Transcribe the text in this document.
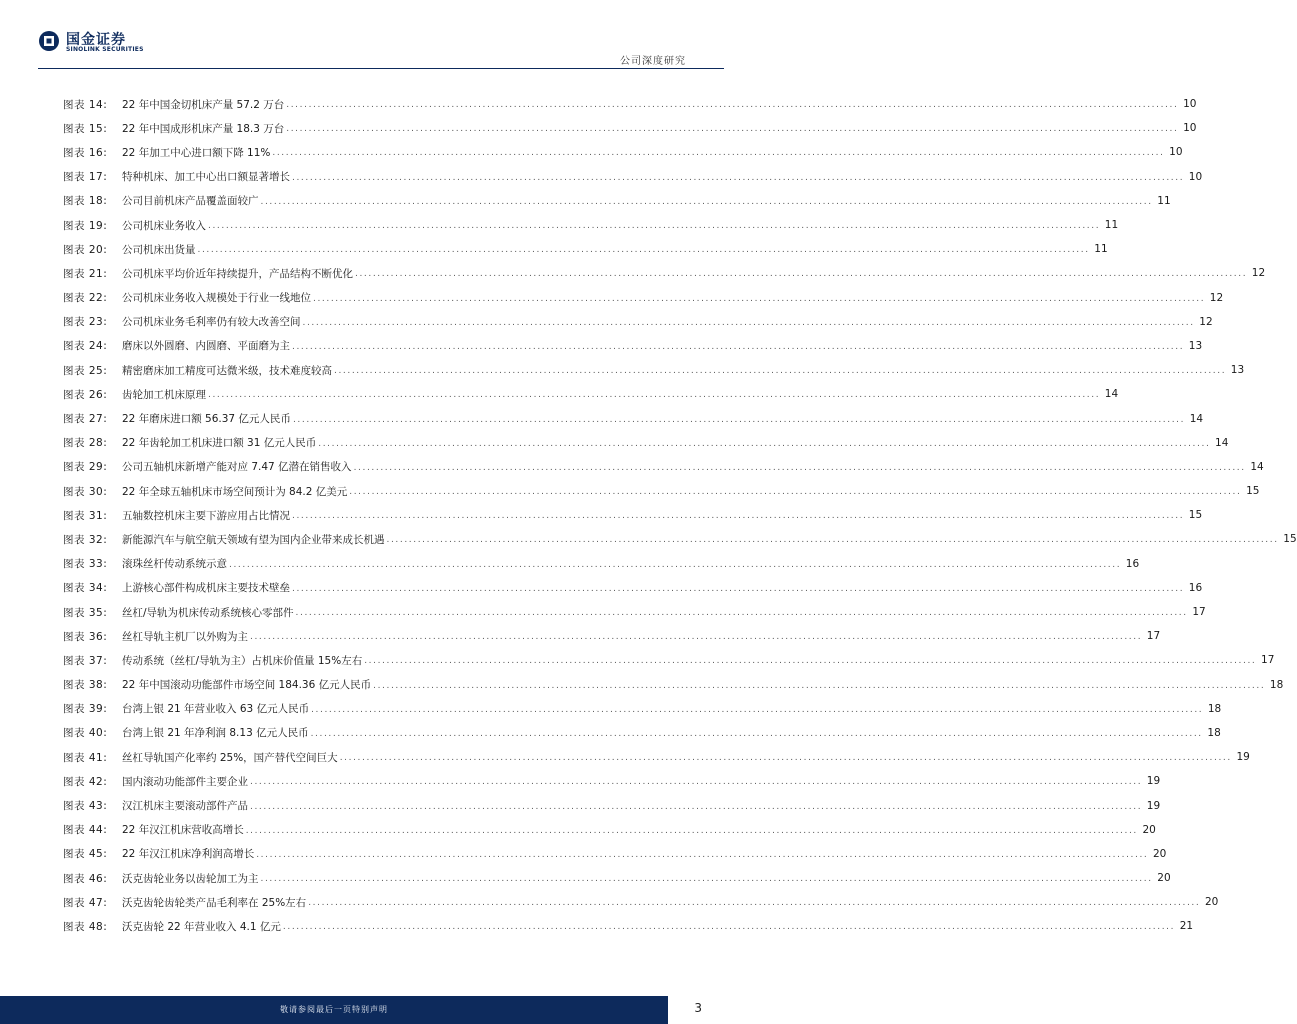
国金证券
SINOLINK SECURITIES
公司深度研究
图表 14:	22 年中国金切机床产量 57.2 万台 ........................................................................................................................................................................................................ 10
图表 15:	22 年中国成形机床产量 18.3 万台 ........................................................................................................................................................................................................ 10
图表 16:	22 年加工中心进口额下降 11% ........................................................................................................................................................................................................ 10
图表 17:	特种机床、加工中心出口额显著增长 ........................................................................................................................................................................................................ 10
图表 18:	公司目前机床产品覆盖面较广 ........................................................................................................................................................................................................ 11
图表 19:	公司机床业务收入 ........................................................................................................................................................................................................ 11
图表 20:	公司机床出货量 ........................................................................................................................................................................................................ 11
图表 21:	公司机床平均价近年持续提升，产品结构不断优化 ........................................................................................................................................................................................................ 12
图表 22:	公司机床业务收入规模处于行业一线地位 ........................................................................................................................................................................................................ 12
图表 23:	公司机床业务毛利率仍有较大改善空间 ........................................................................................................................................................................................................ 12
图表 24:	磨床以外圆磨、内圆磨、平面磨为主 ........................................................................................................................................................................................................ 13
图表 25:	精密磨床加工精度可达微米级，技术难度较高 ........................................................................................................................................................................................................ 13
图表 26:	齿轮加工机床原理 ........................................................................................................................................................................................................ 14
图表 27:	22 年磨床进口额 56.37 亿元人民币 ........................................................................................................................................................................................................ 14
图表 28:	22 年齿轮加工机床进口额 31 亿元人民币 ........................................................................................................................................................................................................ 14
图表 29:	公司五轴机床新增产能对应 7.47 亿潜在销售收入 ........................................................................................................................................................................................................ 14
图表 30:	22 年全球五轴机床市场空间预计为 84.2 亿美元 ........................................................................................................................................................................................................ 15
图表 31:	五轴数控机床主要下游应用占比情况 ........................................................................................................................................................................................................ 15
图表 32:	新能源汽车与航空航天领域有望为国内企业带来成长机遇 ........................................................................................................................................................................................................ 15
图表 33:	滚珠丝杆传动系统示意 ........................................................................................................................................................................................................ 16
图表 34:	上游核心部件构成机床主要技术壁垒 ........................................................................................................................................................................................................ 16
图表 35:	丝杠/导轨为机床传动系统核心零部件 ........................................................................................................................................................................................................ 17
图表 36:	丝杠导轨主机厂以外购为主 ........................................................................................................................................................................................................ 17
图表 37:	传动系统（丝杠/导轨为主）占机床价值量 15%左右 ........................................................................................................................................................................................................ 17
图表 38:	22 年中国滚动功能部件市场空间 184.36 亿元人民币 ........................................................................................................................................................................................................ 18
图表 39:	台湾上银 21 年营业收入 63 亿元人民币 ........................................................................................................................................................................................................ 18
图表 40:	台湾上银 21 年净利润 8.13 亿元人民币 ........................................................................................................................................................................................................ 18
图表 41:	丝杠导轨国产化率约 25%，国产替代空间巨大 ........................................................................................................................................................................................................ 19
图表 42:	国内滚动功能部件主要企业 ........................................................................................................................................................................................................ 19
图表 43:	汉江机床主要滚动部件产品 ........................................................................................................................................................................................................ 19
图表 44:	22 年汉江机床营收高增长 ........................................................................................................................................................................................................ 20
图表 45:	22 年汉江机床净利润高增长 ........................................................................................................................................................................................................ 20
图表 46:	沃克齿轮业务以齿轮加工为主 ........................................................................................................................................................................................................ 20
图表 47:	沃克齿轮齿轮类产品毛利率在 25%左右 ........................................................................................................................................................................................................ 20
图表 48:	沃克齿轮 22 年营业收入 4.1 亿元 ........................................................................................................................................................................................................ 21
敬请参阅最后一页特别声明	3
